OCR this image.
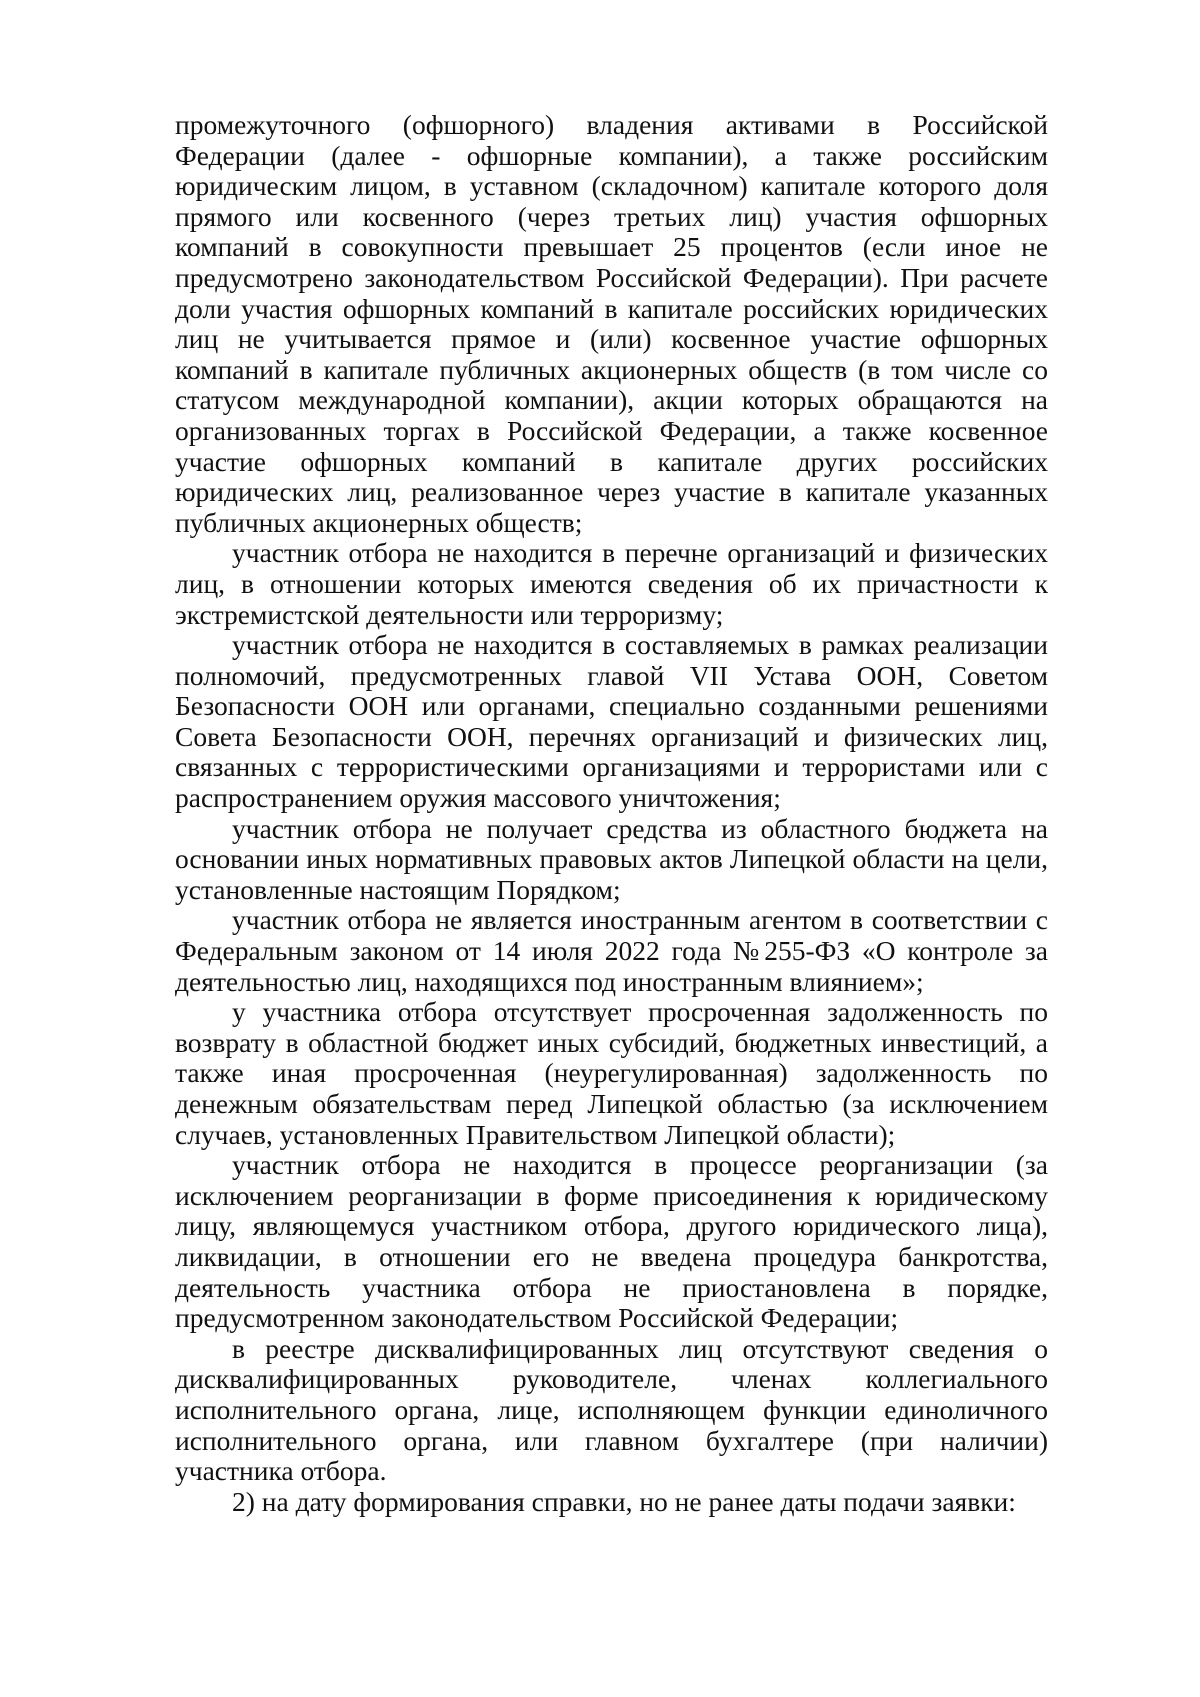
промежуточного (офшорного) владения активами в Российской Федерации (далее - офшорные компании), а также российским юридическим лицом, в уставном (складочном) капитале которого доля прямого или косвенного (через третьих лиц) участия офшорных компаний в совокупности превышает 25 процентов (если иное не предусмотрено законодательством Российской Федерации). При расчете доли участия офшорных компаний в капитале российских юридических лиц не учитывается прямое и (или) косвенное участие офшорных компаний в капитале публичных акционерных обществ (в том числе со статусом международной компании), акции которых обращаются на организованных торгах в Российской Федерации, а также косвенное участие офшорных компаний в капитале других российских юридических лиц, реализованное через участие в капитале указанных публичных акционерных обществ;

участник отбора не находится в перечне организаций и физических лиц, в отношении которых имеются сведения об их причастности к экстремистской деятельности или терроризму;

участник отбора не находится в составляемых в рамках реализации полномочий, предусмотренных главой VII Устава ООН, Советом Безопасности ООН или органами, специально созданными решениями Совета Безопасности ООН, перечнях организаций и физических лиц, связанных с террористическими организациями и террористами или с распространением оружия массового уничтожения;

участник отбора не получает средства из областного бюджета на основании иных нормативных правовых актов Липецкой области на цели, установленные настоящим Порядком;

участник отбора не является иностранным агентом в соответствии с Федеральным законом от 14 июля 2022 года №255-ФЗ «О контроле за деятельностью лиц, находящихся под иностранным влиянием»;

у участника отбора отсутствует просроченная задолженность по возврату в областной бюджет иных субсидий, бюджетных инвестиций, а также иная просроченная (неурегулированная) задолженность по денежным обязательствам перед Липецкой областью (за исключением случаев, установленных Правительством Липецкой области);

участник отбора не находится в процессе реорганизации (за исключением реорганизации в форме присоединения к юридическому лицу, являющемуся участником отбора, другого юридического лица), ликвидации, в отношении его не введена процедура банкротства, деятельность участника отбора не приостановлена в порядке, предусмотренном законодательством Российской Федерации;

в реестре дисквалифицированных лиц отсутствуют сведения о дисквалифицированных руководителе, членах коллегиального исполнительного органа, лице, исполняющем функции единоличного исполнительного органа, или главном бухгалтере (при наличии) участника отбора.

2) на дату формирования справки, но не ранее даты подачи заявки:
